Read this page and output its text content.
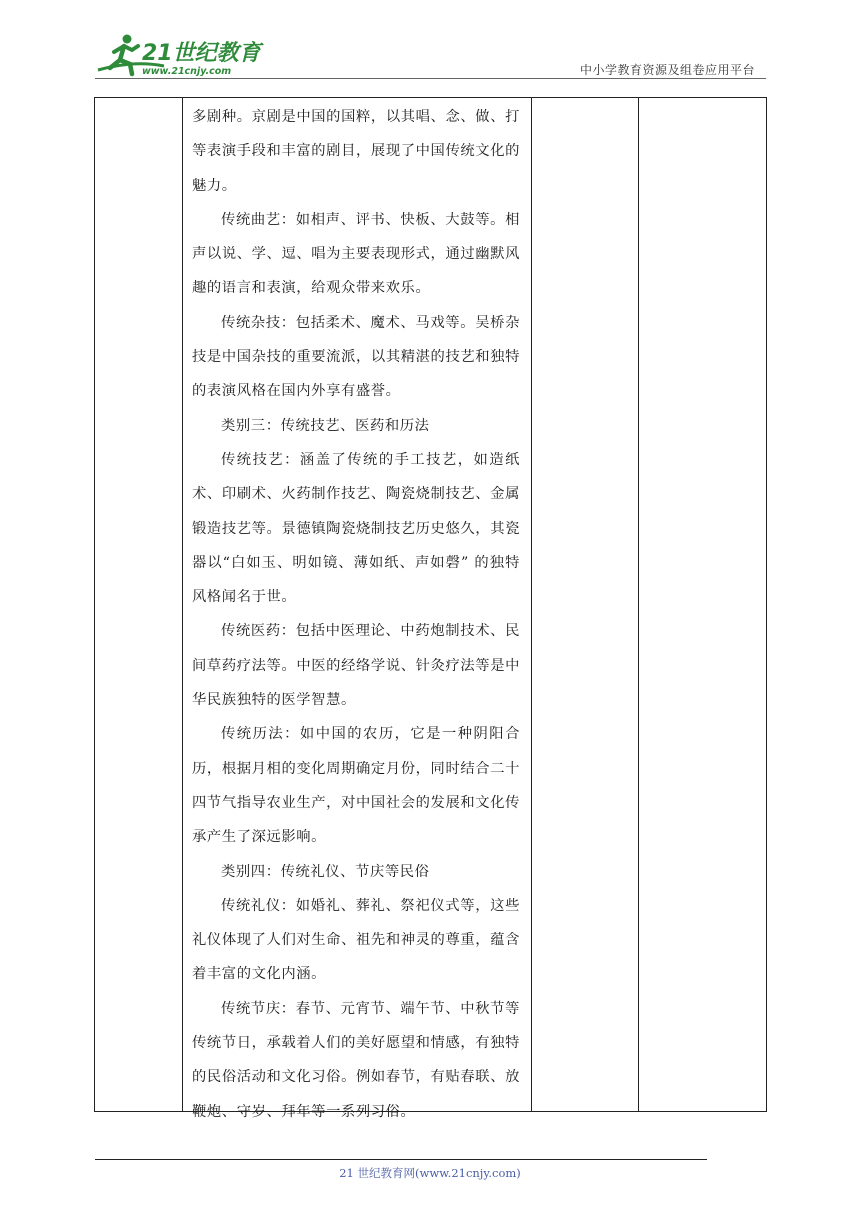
21世纪教育
www.21cnjy.com	中小学教育资源及组卷应用平台

多剧种。京剧是中国的国粹，以其唱、念、做、打等表演手段和丰富的剧目，展现了中国传统文化的魅力。

传统曲艺：如相声、评书、快板、大鼓等。相声以说、学、逗、唱为主要表现形式，通过幽默风趣的语言和表演，给观众带来欢乐。

传统杂技：包括柔术、魔术、马戏等。吴桥杂技是中国杂技的重要流派，以其精湛的技艺和独特的表演风格在国内外享有盛誉。

类别三：传统技艺、医药和历法

传统技艺：涵盖了传统的手工技艺，如造纸术、印刷术、火药制作技艺、陶瓷烧制技艺、金属锻造技艺等。景德镇陶瓷烧制技艺历史悠久，其瓷器以“白如玉、明如镜、薄如纸、声如磬” 的独特风格闻名于世。

传统医药：包括中医理论、中药炮制技术、民间草药疗法等。中医的经络学说、针灸疗法等是中华民族独特的医学智慧。

传统历法：如中国的农历，它是一种阴阳合历，根据月相的变化周期确定月份，同时结合二十四节气指导农业生产，对中国社会的发展和文化传承产生了深远影响。

类别四：传统礼仪、节庆等民俗

传统礼仪：如婚礼、葬礼、祭祀仪式等，这些礼仪体现了人们对生命、祖先和神灵的尊重，蕴含着丰富的文化内涵。

传统节庆：春节、元宵节、端午节、中秋节等传统节日，承载着人们的美好愿望和情感，有独特的民俗活动和文化习俗。例如春节，有贴春联、放鞭炮、守岁、拜年等一系列习俗。

21 世纪教育网(www.21cnjy.com)
